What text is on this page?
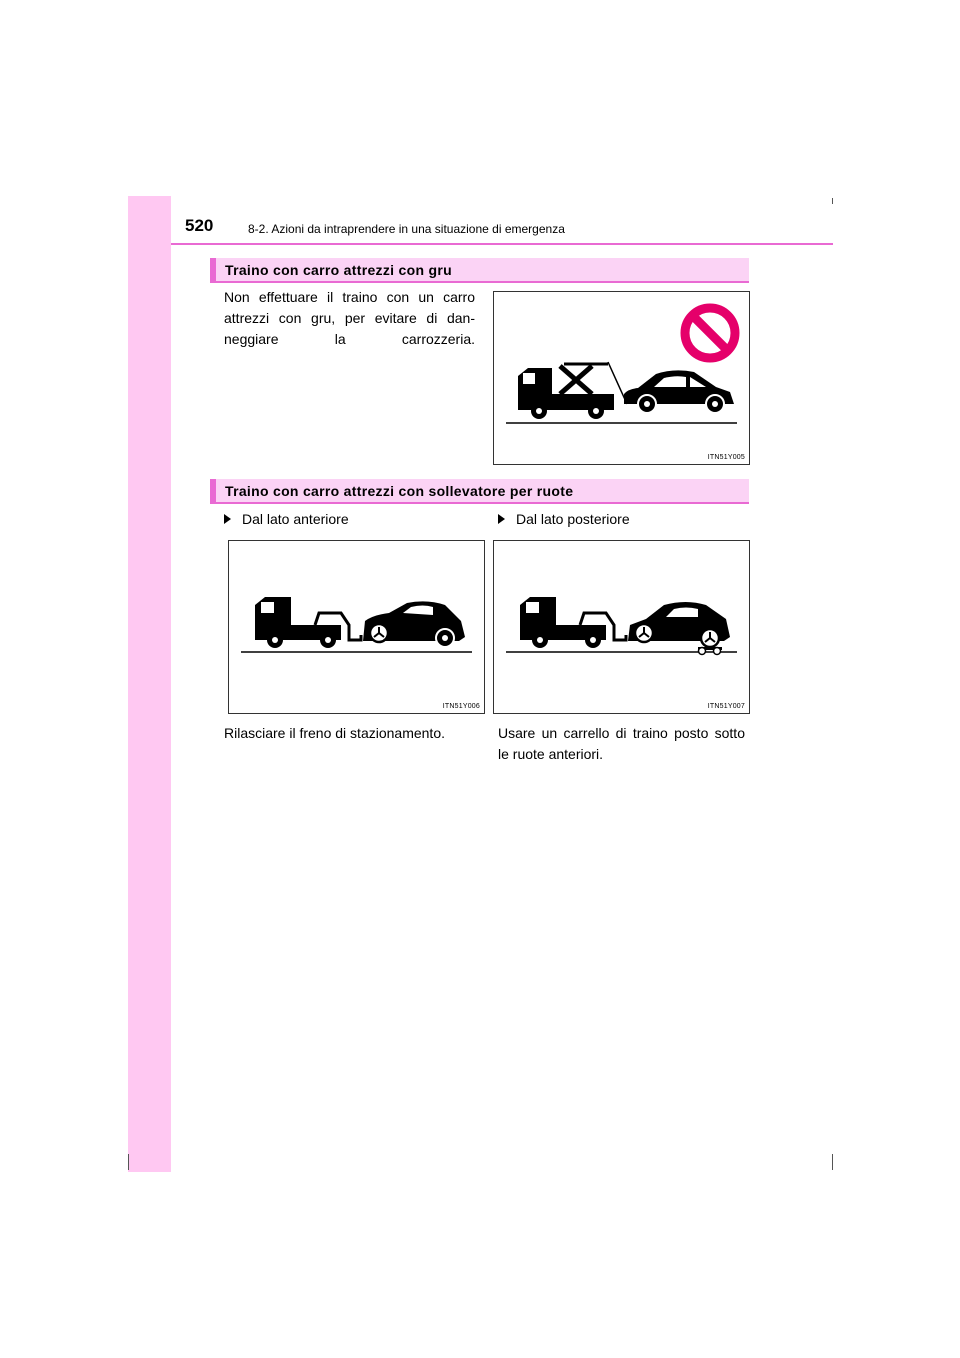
520	8-2. Azioni da intraprendere in una situazione di emergenza
Traino con carro attrezzi con gru
Non effettuare il traino con un carro attrezzi con gru, per evitare di dan-neggiare la carrozzeria.
ITN51Y005
Traino con carro attrezzi con sollevatore per ruote
Dal lato anteriore	Dal lato posteriore
ITN51Y006	ITN51Y007
Rilasciare il freno di stazionamento.	Usare un carrello di traino posto sotto le ruote anteriori.
